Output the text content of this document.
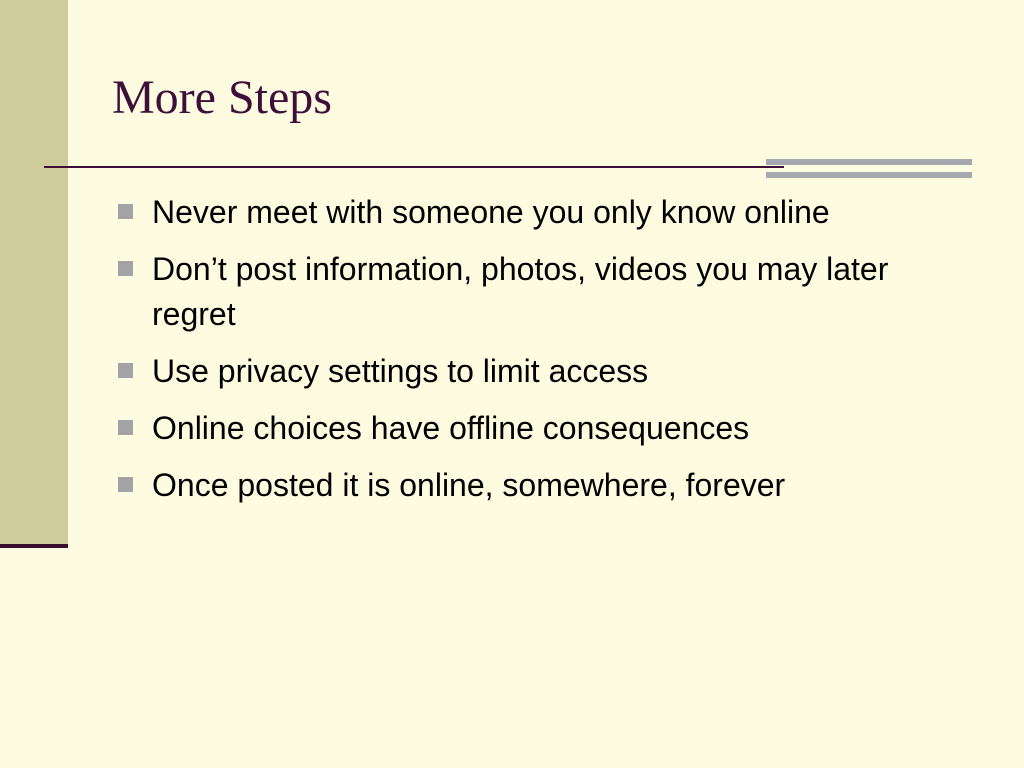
More Steps
Never meet with someone you only know online
Don’t post information, photos, videos you may later regret
Use privacy settings to limit access
Online choices have offline consequences
Once posted it is online, somewhere, forever
